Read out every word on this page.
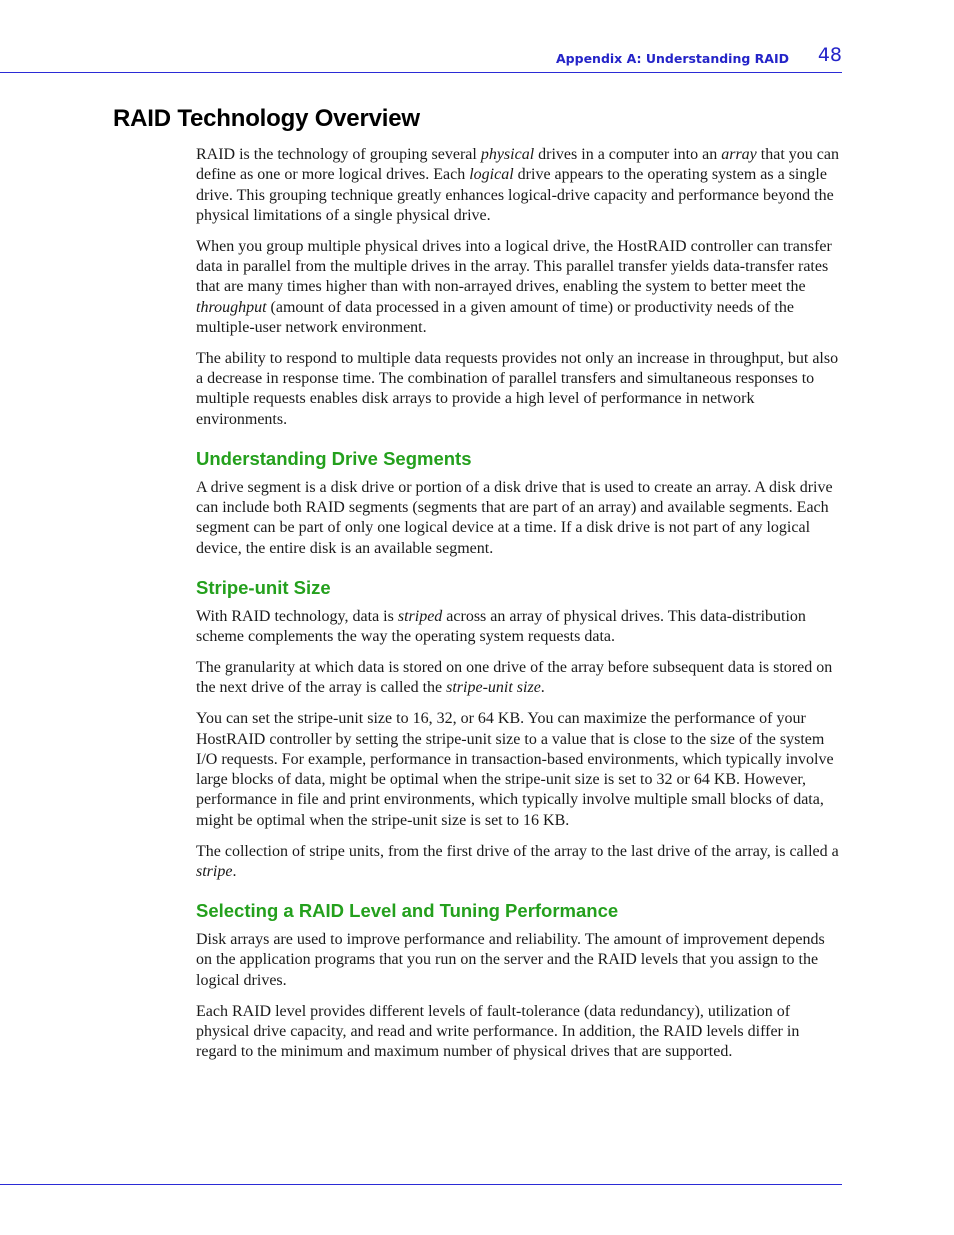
Appendix A: Understanding RAID 48
RAID Technology Overview

RAID is the technology of grouping several physical drives in a computer into an array that you can define as one or more logical drives. Each logical drive appears to the operating system as a single drive. This grouping technique greatly enhances logical-drive capacity and performance beyond the physical limitations of a single physical drive.

When you group multiple physical drives into a logical drive, the HostRAID controller can transfer data in parallel from the multiple drives in the array. This parallel transfer yields data-transfer rates that are many times higher than with non-arrayed drives, enabling the system to better meet the throughput (amount of data processed in a given amount of time) or productivity needs of the multiple-user network environment.

The ability to respond to multiple data requests provides not only an increase in throughput, but also a decrease in response time. The combination of parallel transfers and simultaneous responses to multiple requests enables disk arrays to provide a high level of performance in network environments.

Understanding Drive Segments

A drive segment is a disk drive or portion of a disk drive that is used to create an array. A disk drive can include both RAID segments (segments that are part of an array) and available segments. Each segment can be part of only one logical device at a time. If a disk drive is not part of any logical device, the entire disk is an available segment.

Stripe-unit Size

With RAID technology, data is striped across an array of physical drives. This data-distribution scheme complements the way the operating system requests data.

The granularity at which data is stored on one drive of the array before subsequent data is stored on the next drive of the array is called the stripe-unit size.

You can set the stripe-unit size to 16, 32, or 64 KB. You can maximize the performance of your HostRAID controller by setting the stripe-unit size to a value that is close to the size of the system I/O requests. For example, performance in transaction-based environments, which typically involve large blocks of data, might be optimal when the stripe-unit size is set to 32 or 64 KB. However, performance in file and print environments, which typically involve multiple small blocks of data, might be optimal when the stripe-unit size is set to 16 KB.

The collection of stripe units, from the first drive of the array to the last drive of the array, is called a stripe.

Selecting a RAID Level and Tuning Performance

Disk arrays are used to improve performance and reliability. The amount of improvement depends on the application programs that you run on the server and the RAID levels that you assign to the logical drives.

Each RAID level provides different levels of fault-tolerance (data redundancy), utilization of physical drive capacity, and read and write performance. In addition, the RAID levels differ in regard to the minimum and maximum number of physical drives that are supported.
